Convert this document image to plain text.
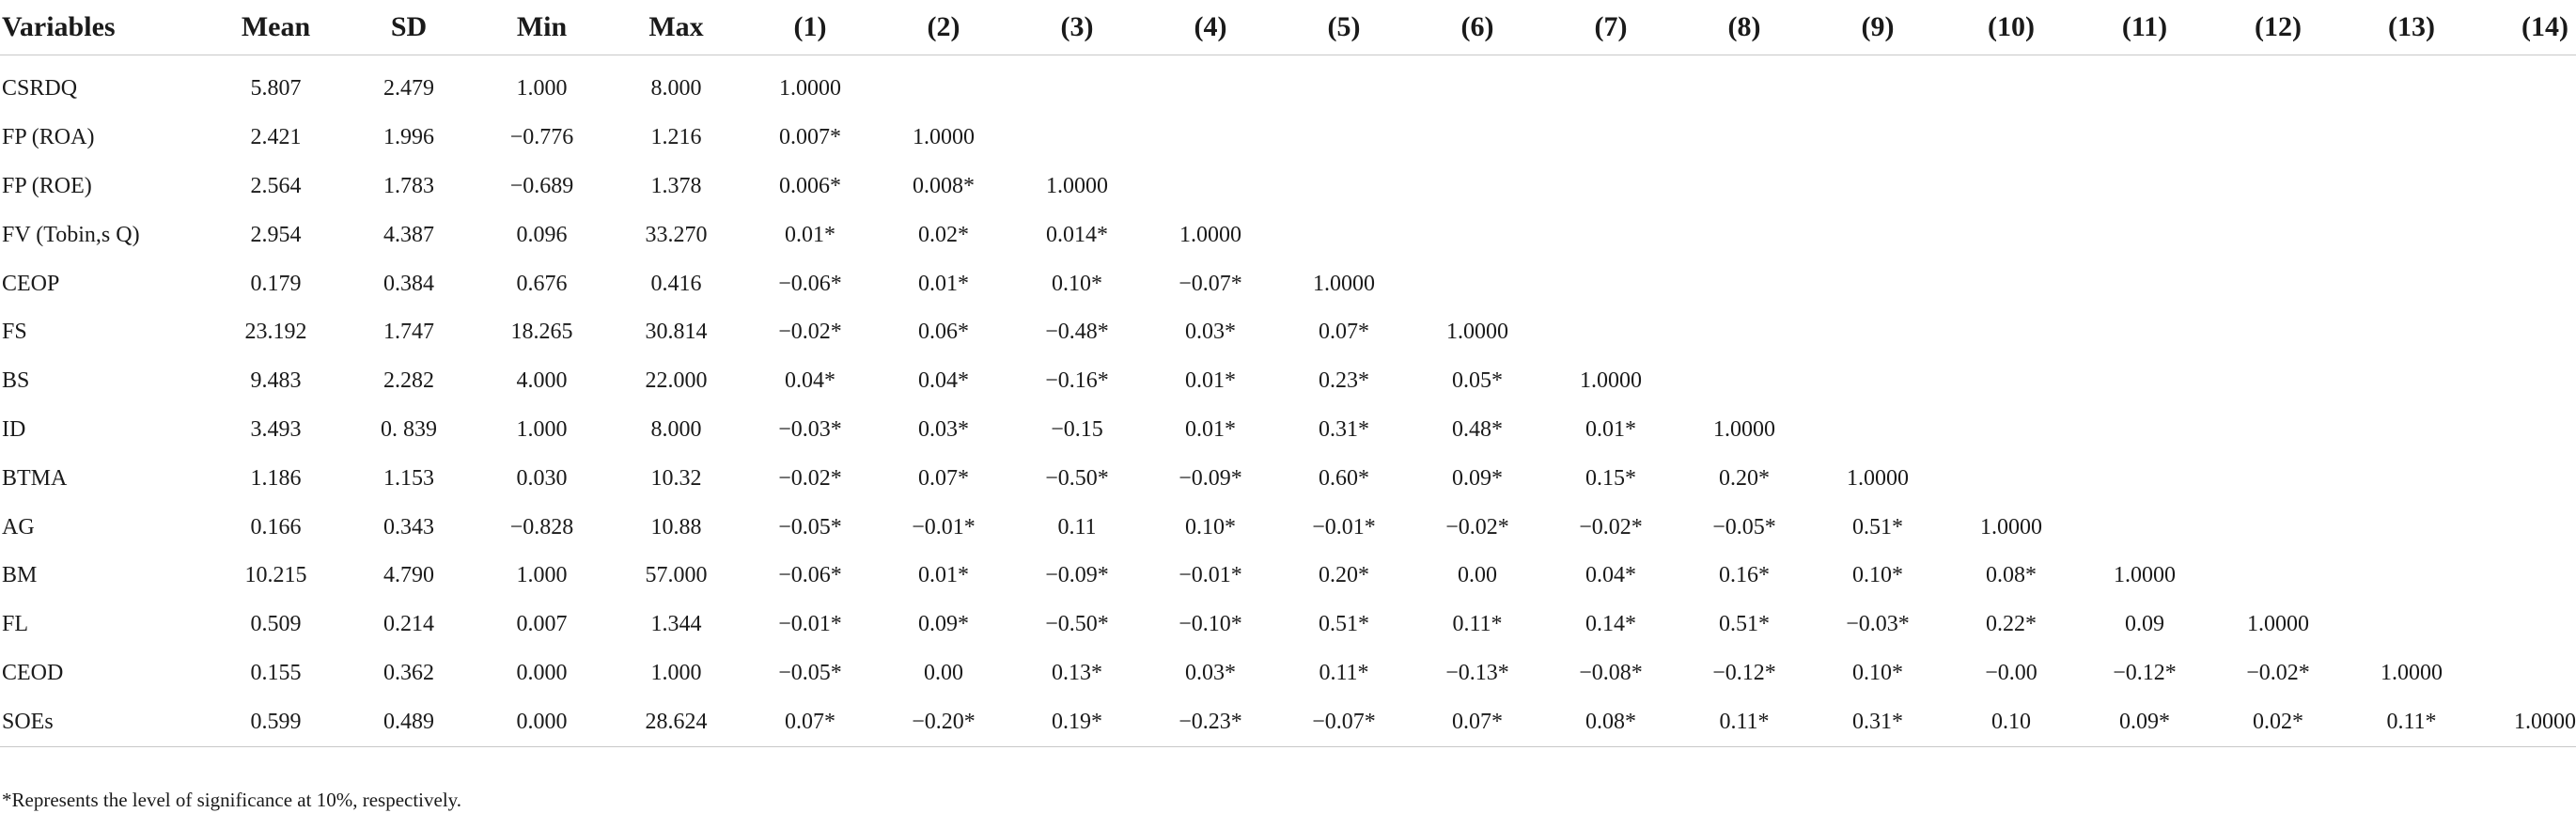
Variables	Mean	SD	Min	Max	(1)	(2)	(3)	(4)	(5)	(6)	(7)	(8)	(9)	(10)	(11)	(12)	(13)	(14)
CSRDQ	5.807	2.479	1.000	8.000	1.0000													
FP (ROA)	2.421	1.996	−0.776	1.216	0.007*	1.0000												
FP (ROE)	2.564	1.783	−0.689	1.378	0.006*	0.008*	1.0000											
FV (Tobin,s Q)	2.954	4.387	0.096	33.270	0.01*	0.02*	0.014*	1.0000										
CEOP	0.179	0.384	0.676	0.416	−0.06*	0.01*	0.10*	−0.07*	1.0000									
FS	23.192	1.747	18.265	30.814	−0.02*	0.06*	−0.48*	0.03*	0.07*	1.0000								
BS	9.483	2.282	4.000	22.000	0.04*	0.04*	−0.16*	0.01*	0.23*	0.05*	1.0000							
ID	3.493	0. 839	1.000	8.000	−0.03*	0.03*	−0.15	0.01*	0.31*	0.48*	0.01*	1.0000						
BTMA	1.186	1.153	0.030	10.32	−0.02*	0.07*	−0.50*	−0.09*	0.60*	0.09*	0.15*	0.20*	1.0000					
AG	0.166	0.343	−0.828	10.88	−0.05*	−0.01*	0.11	0.10*	−0.01*	−0.02*	−0.02*	−0.05*	0.51*	1.0000				
BM	10.215	4.790	1.000	57.000	−0.06*	0.01*	−0.09*	−0.01*	0.20*	0.00	0.04*	0.16*	0.10*	0.08*	1.0000			
FL	0.509	0.214	0.007	1.344	−0.01*	0.09*	−0.50*	−0.10*	0.51*	0.11*	0.14*	0.51*	−0.03*	0.22*	0.09	1.0000		
CEOD	0.155	0.362	0.000	1.000	−0.05*	0.00	0.13*	0.03*	0.11*	−0.13*	−0.08*	−0.12*	0.10*	−0.00	−0.12*	−0.02*	1.0000	
SOEs	0.599	0.489	0.000	28.624	0.07*	−0.20*	0.19*	−0.23*	−0.07*	0.07*	0.08*	0.11*	0.31*	0.10	0.09*	0.02*	0.11*	1.0000
*Represents the level of significance at 10%, respectively.
